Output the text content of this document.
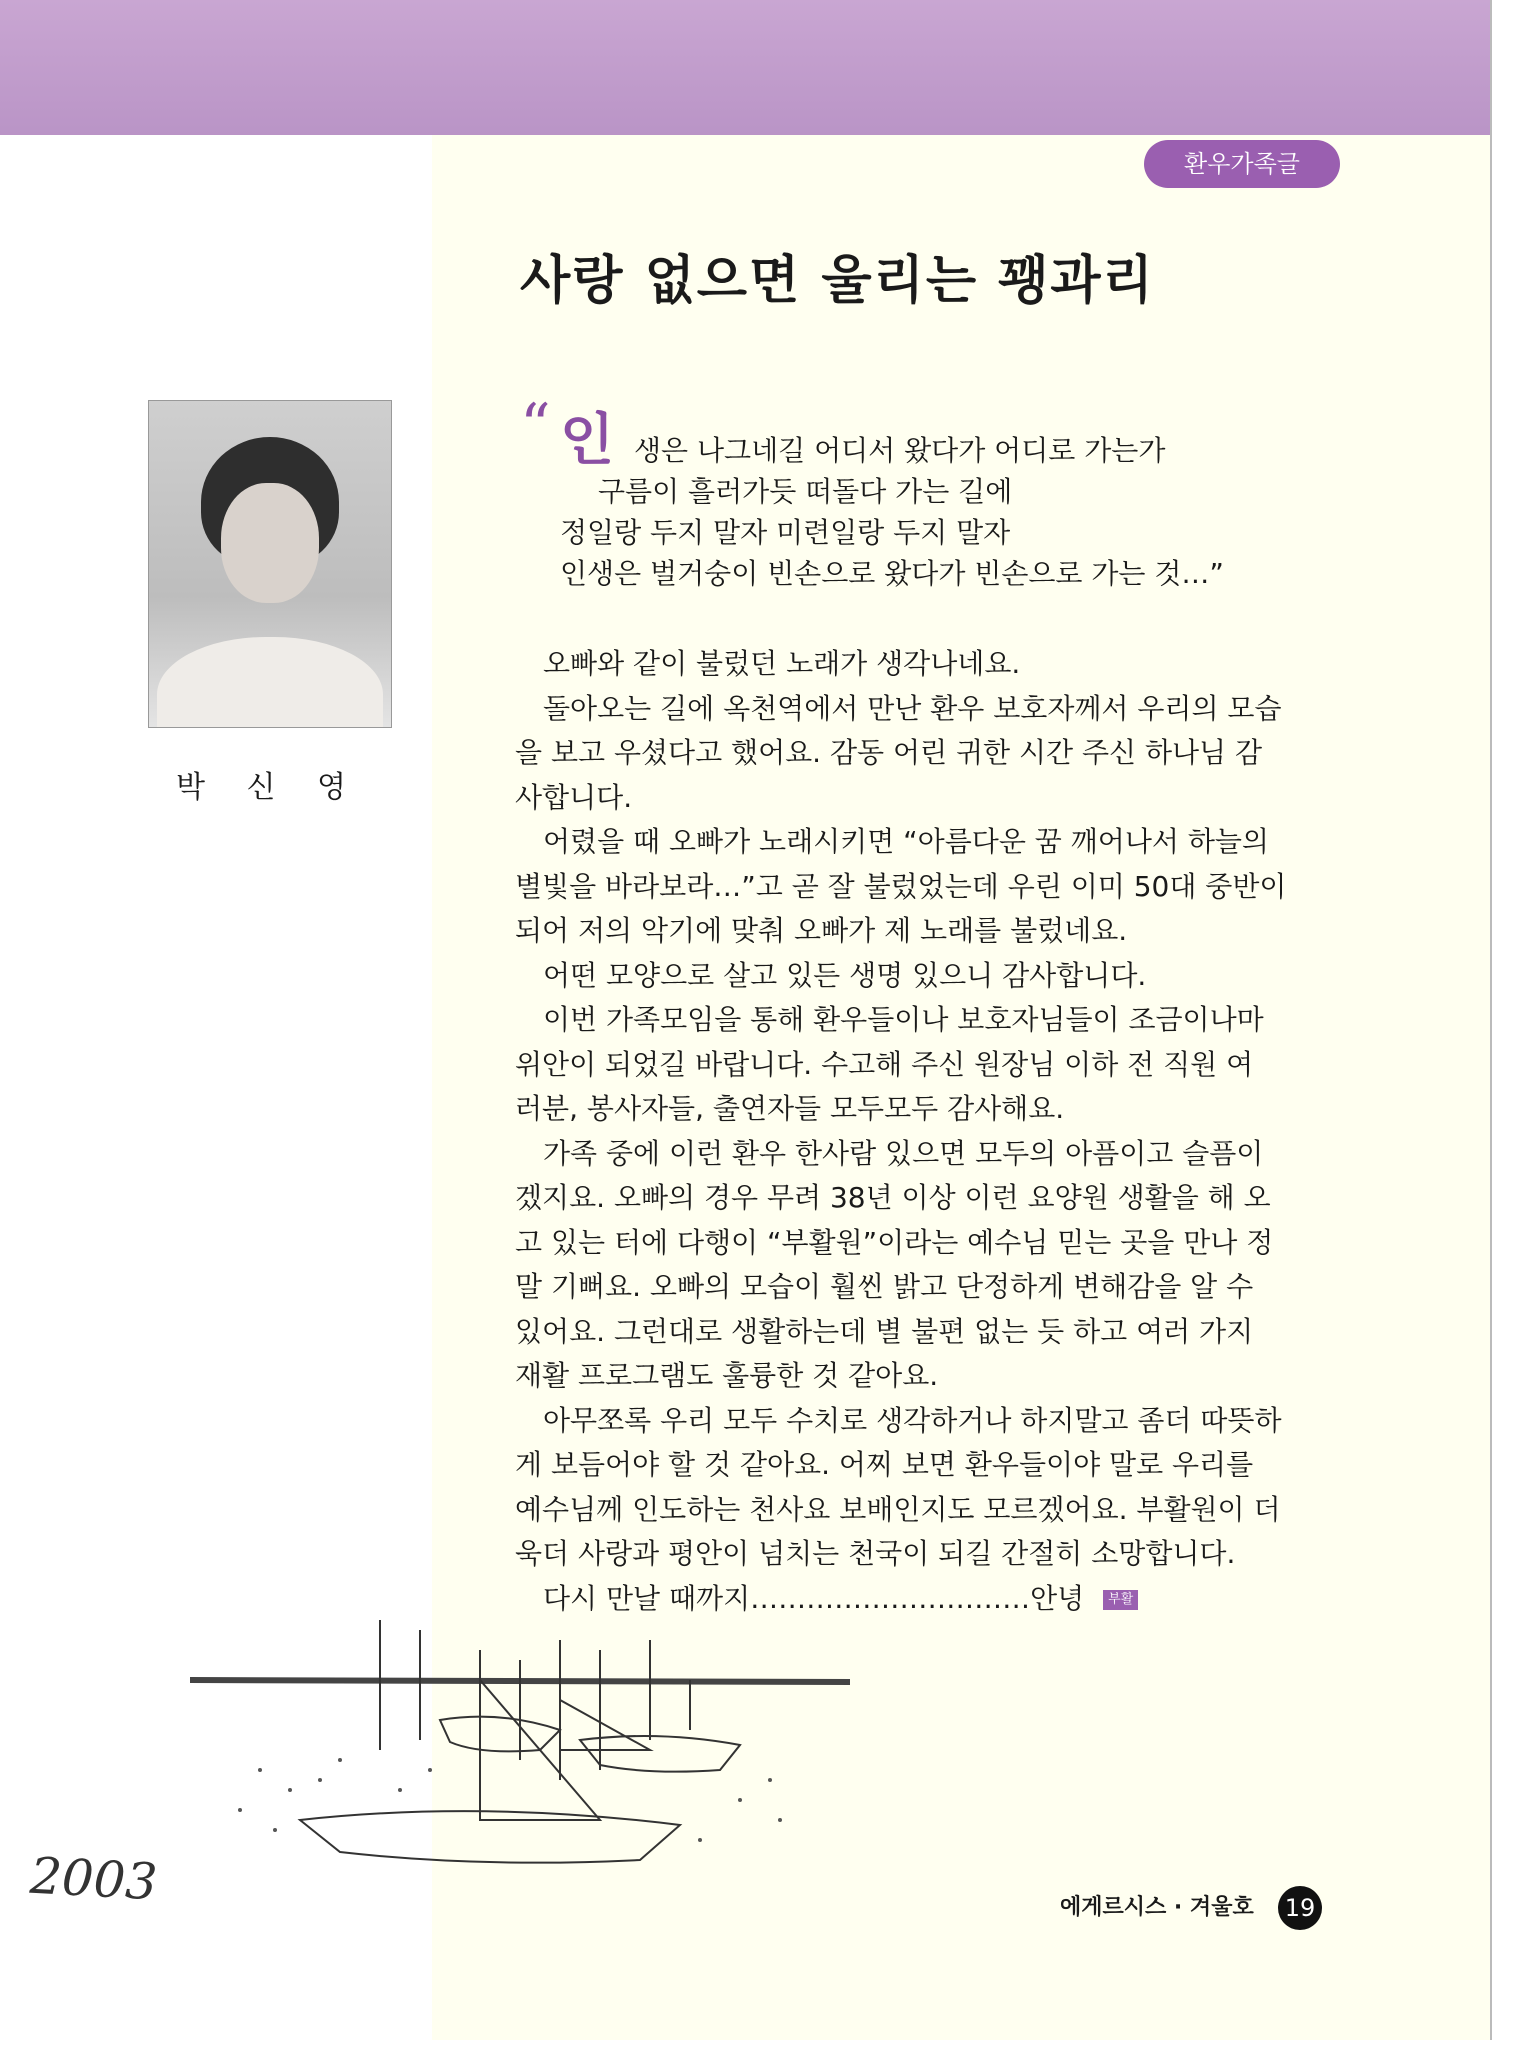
환우가족글
사랑 없으면 울리는 꽹과리
박 신 영
“ 인 생은 나그네길 어디서 왔다가 어디로 가는가
구름이 흘러가듯 떠돌다 가는 길에
정일랑 두지 말자 미련일랑 두지 말자
인생은 벌거숭이 빈손으로 왔다가 빈손으로 가는 것…”
오빠와 같이 불렀던 노래가 생각나네요.
돌아오는 길에 옥천역에서 만난 환우 보호자께서 우리의 모습
을 보고 우셨다고 했어요. 감동 어린 귀한 시간 주신 하나님 감
사합니다.
어렸을 때 오빠가 노래시키면 “아름다운 꿈 깨어나서 하늘의
별빛을 바라보라…”고 곧 잘 불렀었는데 우린 이미 50대 중반이
되어 저의 악기에 맞춰 오빠가 제 노래를 불렀네요.
어떤 모양으로 살고 있든 생명 있으니 감사합니다.
이번 가족모임을 통해 환우들이나 보호자님들이 조금이나마
위안이 되었길 바랍니다. 수고해 주신 원장님 이하 전 직원 여
러분, 봉사자들, 출연자들 모두모두 감사해요.
가족 중에 이런 환우 한사람 있으면 모두의 아픔이고 슬픔이
겠지요. 오빠의 경우 무려 38년 이상 이런 요양원 생활을 해 오
고 있는 터에 다행이 “부활원”이라는 예수님 믿는 곳을 만나 정
말 기뻐요. 오빠의 모습이 훨씬 밝고 단정하게 변해감을 알 수
있어요. 그런대로 생활하는데 별 불편 없는 듯 하고 여러 가지
재활 프로그램도 훌륭한 것 같아요.
아무쪼록 우리 모두 수치로 생각하거나 하지말고 좀더 따뜻하
게 보듬어야 할 것 같아요. 어찌 보면 환우들이야 말로 우리를
예수님께 인도하는 천사요 보배인지도 모르겠어요. 부활원이 더
욱더 사랑과 평안이 넘치는 천국이 되길 간절히 소망합니다.
다시 만날 때까지…………………………안녕 부활
에게르시스 · 겨울호 19
2003
